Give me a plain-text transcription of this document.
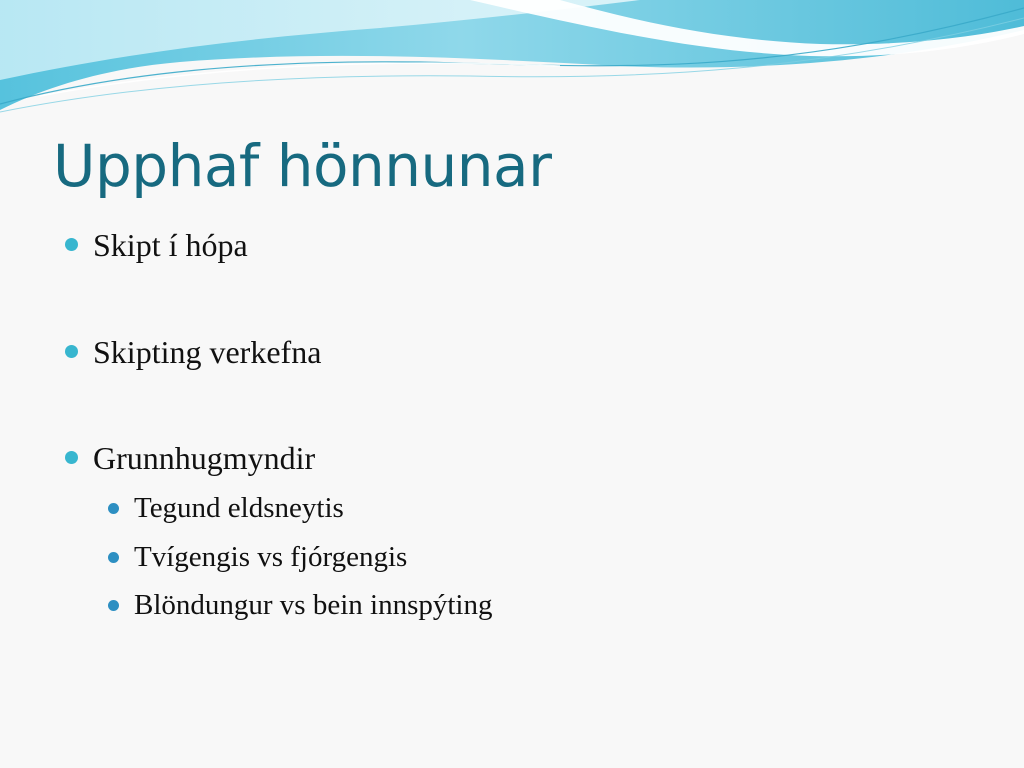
Upphaf hönnunar
Skipt í hópa
Skipting verkefna
Grunnhugmyndir
Tegund eldsneytis
Tvígengis vs fjórgengis
Blöndungur vs bein innspýting
